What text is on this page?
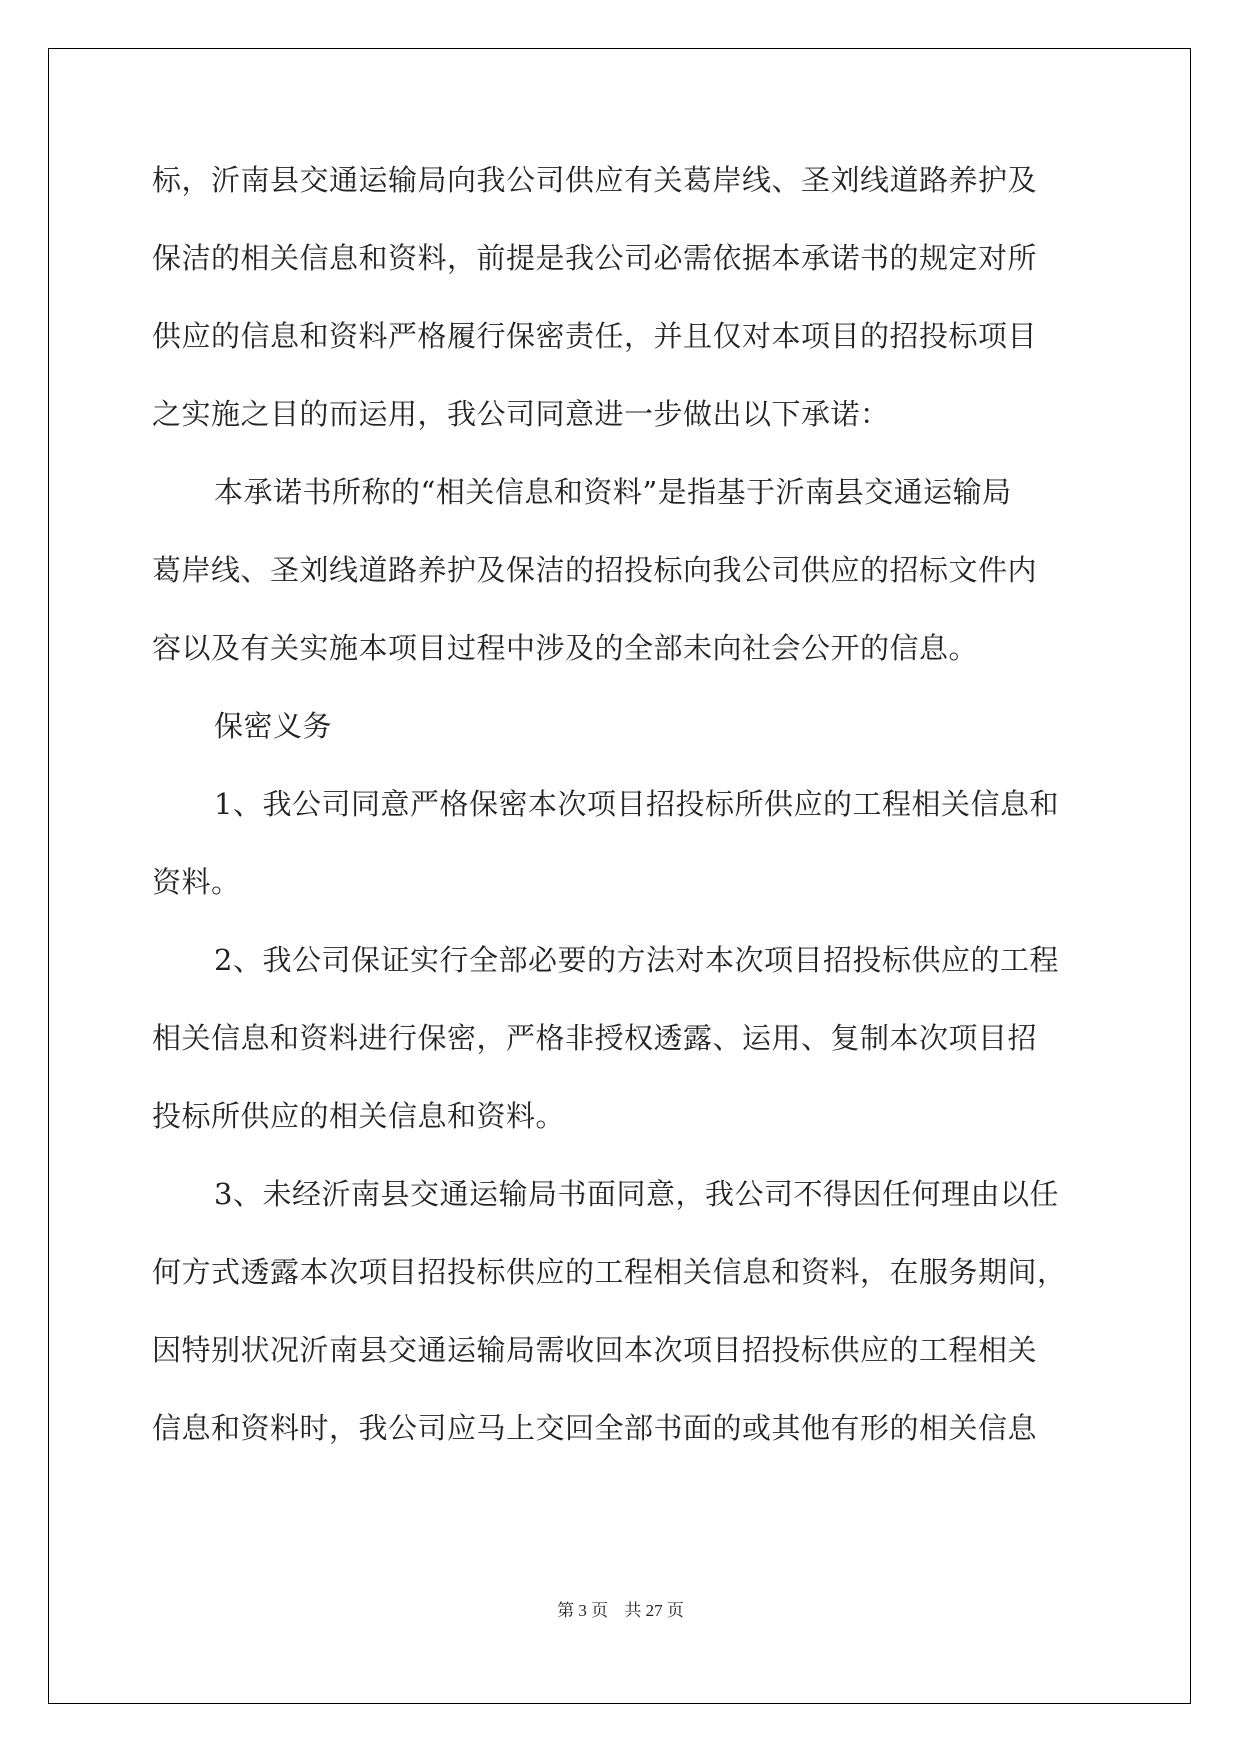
标，沂南县交通运输局向我公司供应有关葛岸线、圣刘线道路养护及
保洁的相关信息和资料，前提是我公司必需依据本承诺书的规定对所
供应的信息和资料严格履行保密责任，并且仅对本项目的招投标项目
之实施之目的而运用，我公司同意进一步做出以下承诺：
本承诺书所称的“相关信息和资料”是指基于沂南县交通运输局
葛岸线、圣刘线道路养护及保洁的招投标向我公司供应的招标文件内
容以及有关实施本项目过程中涉及的全部未向社会公开的信息。
保密义务
1、我公司同意严格保密本次项目招投标所供应的工程相关信息和
资料。
2、我公司保证实行全部必要的方法对本次项目招投标供应的工程
相关信息和资料进行保密，严格非授权透露、运用、复制本次项目招
投标所供应的相关信息和资料。
3、未经沂南县交通运输局书面同意，我公司不得因任何理由以任
何方式透露本次项目招投标供应的工程相关信息和资料，在服务期间，
因特别状况沂南县交通运输局需收回本次项目招投标供应的工程相关
信息和资料时，我公司应马上交回全部书面的或其他有形的相关信息
第 3 页 共 27 页
